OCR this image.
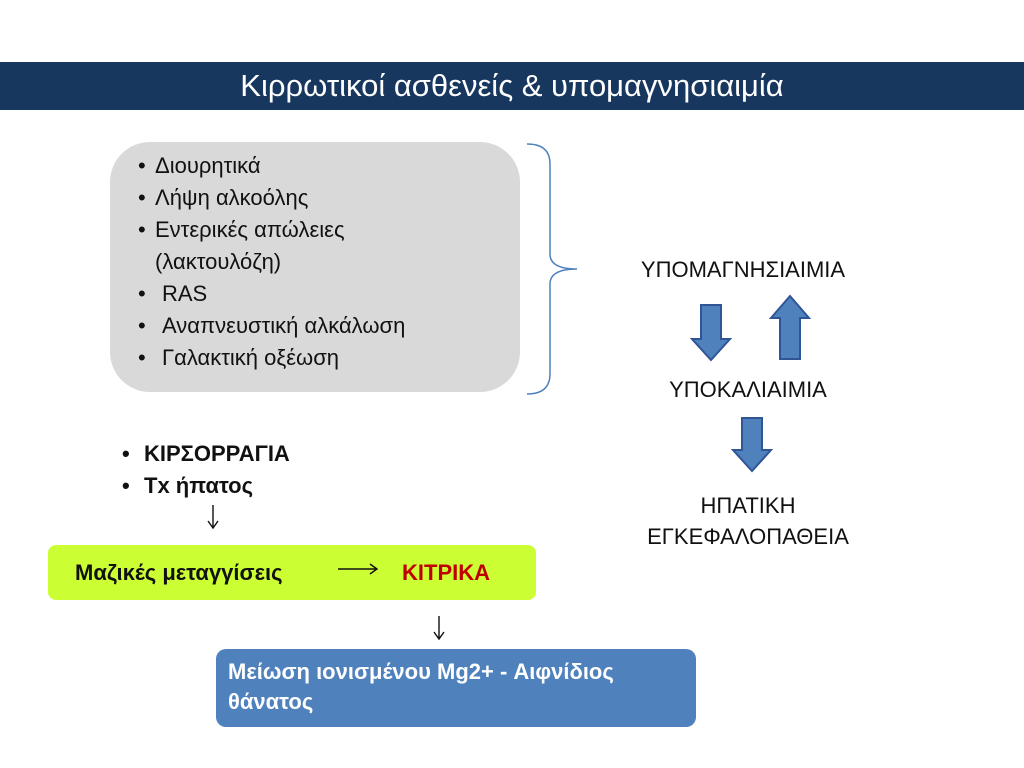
Κιρρωτικοί ασθενείς & υπομαγνησιαιμία
• Διουρητικά
• Λήψη αλκοόλης
• Εντερικές απώλειες
(λακτουλόζη)
• RAS
• Αναπνευστική αλκάλωση
• Γαλακτική οξέωση
ΥΠΟΜΑΓΝΗΣΙΑΙΜΙΑ
ΥΠΟΚΑΛΙΑΙΜΙΑ
ΗΠΑΤΙΚΗ
ΕΓΚΕΦΑΛΟΠΑΘΕΙΑ
• ΚΙΡΣΟΡΡΑΓΙΑ
• Τx ήπατος
Μαζικές μεταγγίσεις	ΚΙΤΡΙΚΑ
Μείωση ιονισμένου Mg2+ - Αιφνίδιος θάνατος
